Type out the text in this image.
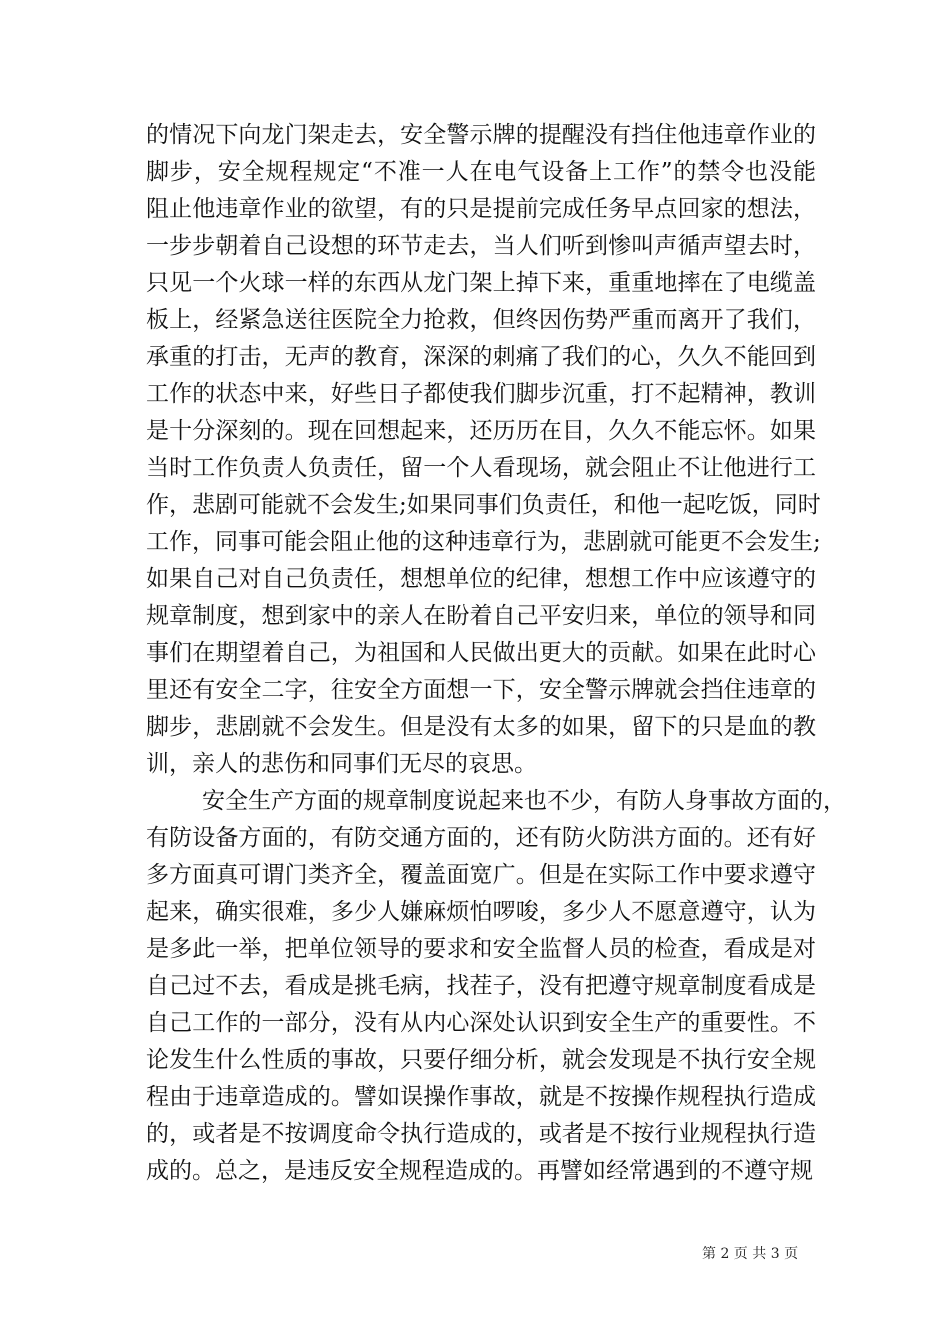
的情况下向龙门架走去，安全警示牌的提醒没有挡住他违章作业的
脚步，安全规程规定“不准一人在电气设备上工作”的禁令也没能
阻止他违章作业的欲望，有的只是提前完成任务早点回家的想法，
一步步朝着自己设想的环节走去，当人们听到惨叫声循声望去时，
只见一个火球一样的东西从龙门架上掉下来，重重地摔在了电缆盖
板上，经紧急送往医院全力抢救，但终因伤势严重而离开了我们，
承重的打击，无声的教育，深深的刺痛了我们的心，久久不能回到
工作的状态中来，好些日子都使我们脚步沉重，打不起精神，教训
是十分深刻的。现在回想起来，还历历在目，久久不能忘怀。如果
当时工作负责人负责任，留一个人看现场，就会阻止不让他进行工
作，悲剧可能就不会发生;如果同事们负责任，和他一起吃饭，同时
工作，同事可能会阻止他的这种违章行为，悲剧就可能更不会发生;
如果自己对自己负责任，想想单位的纪律，想想工作中应该遵守的
规章制度，想到家中的亲人在盼着自己平安归来，单位的领导和同
事们在期望着自己，为祖国和人民做出更大的贡献。如果在此时心
里还有安全二字，往安全方面想一下，安全警示牌就会挡住违章的
脚步，悲剧就不会发生。但是没有太多的如果，留下的只是血的教
训，亲人的悲伤和同事们无尽的哀思。
安全生产方面的规章制度说起来也不少，有防人身事故方面的，
有防设备方面的，有防交通方面的，还有防火防洪方面的。还有好
多方面真可谓门类齐全，覆盖面宽广。但是在实际工作中要求遵守
起来，确实很难，多少人嫌麻烦怕啰唆，多少人不愿意遵守，认为
是多此一举，把单位领导的要求和安全监督人员的检查，看成是对
自己过不去，看成是挑毛病，找茬子，没有把遵守规章制度看成是
自己工作的一部分，没有从内心深处认识到安全生产的重要性。不
论发生什么性质的事故，只要仔细分析，就会发现是不执行安全规
程由于违章造成的。譬如误操作事故，就是不按操作规程执行造成
的，或者是不按调度命令执行造成的，或者是不按行业规程执行造
成的。总之，是违反安全规程造成的。再譬如经常遇到的不遵守规
第 2 页 共 3 页
